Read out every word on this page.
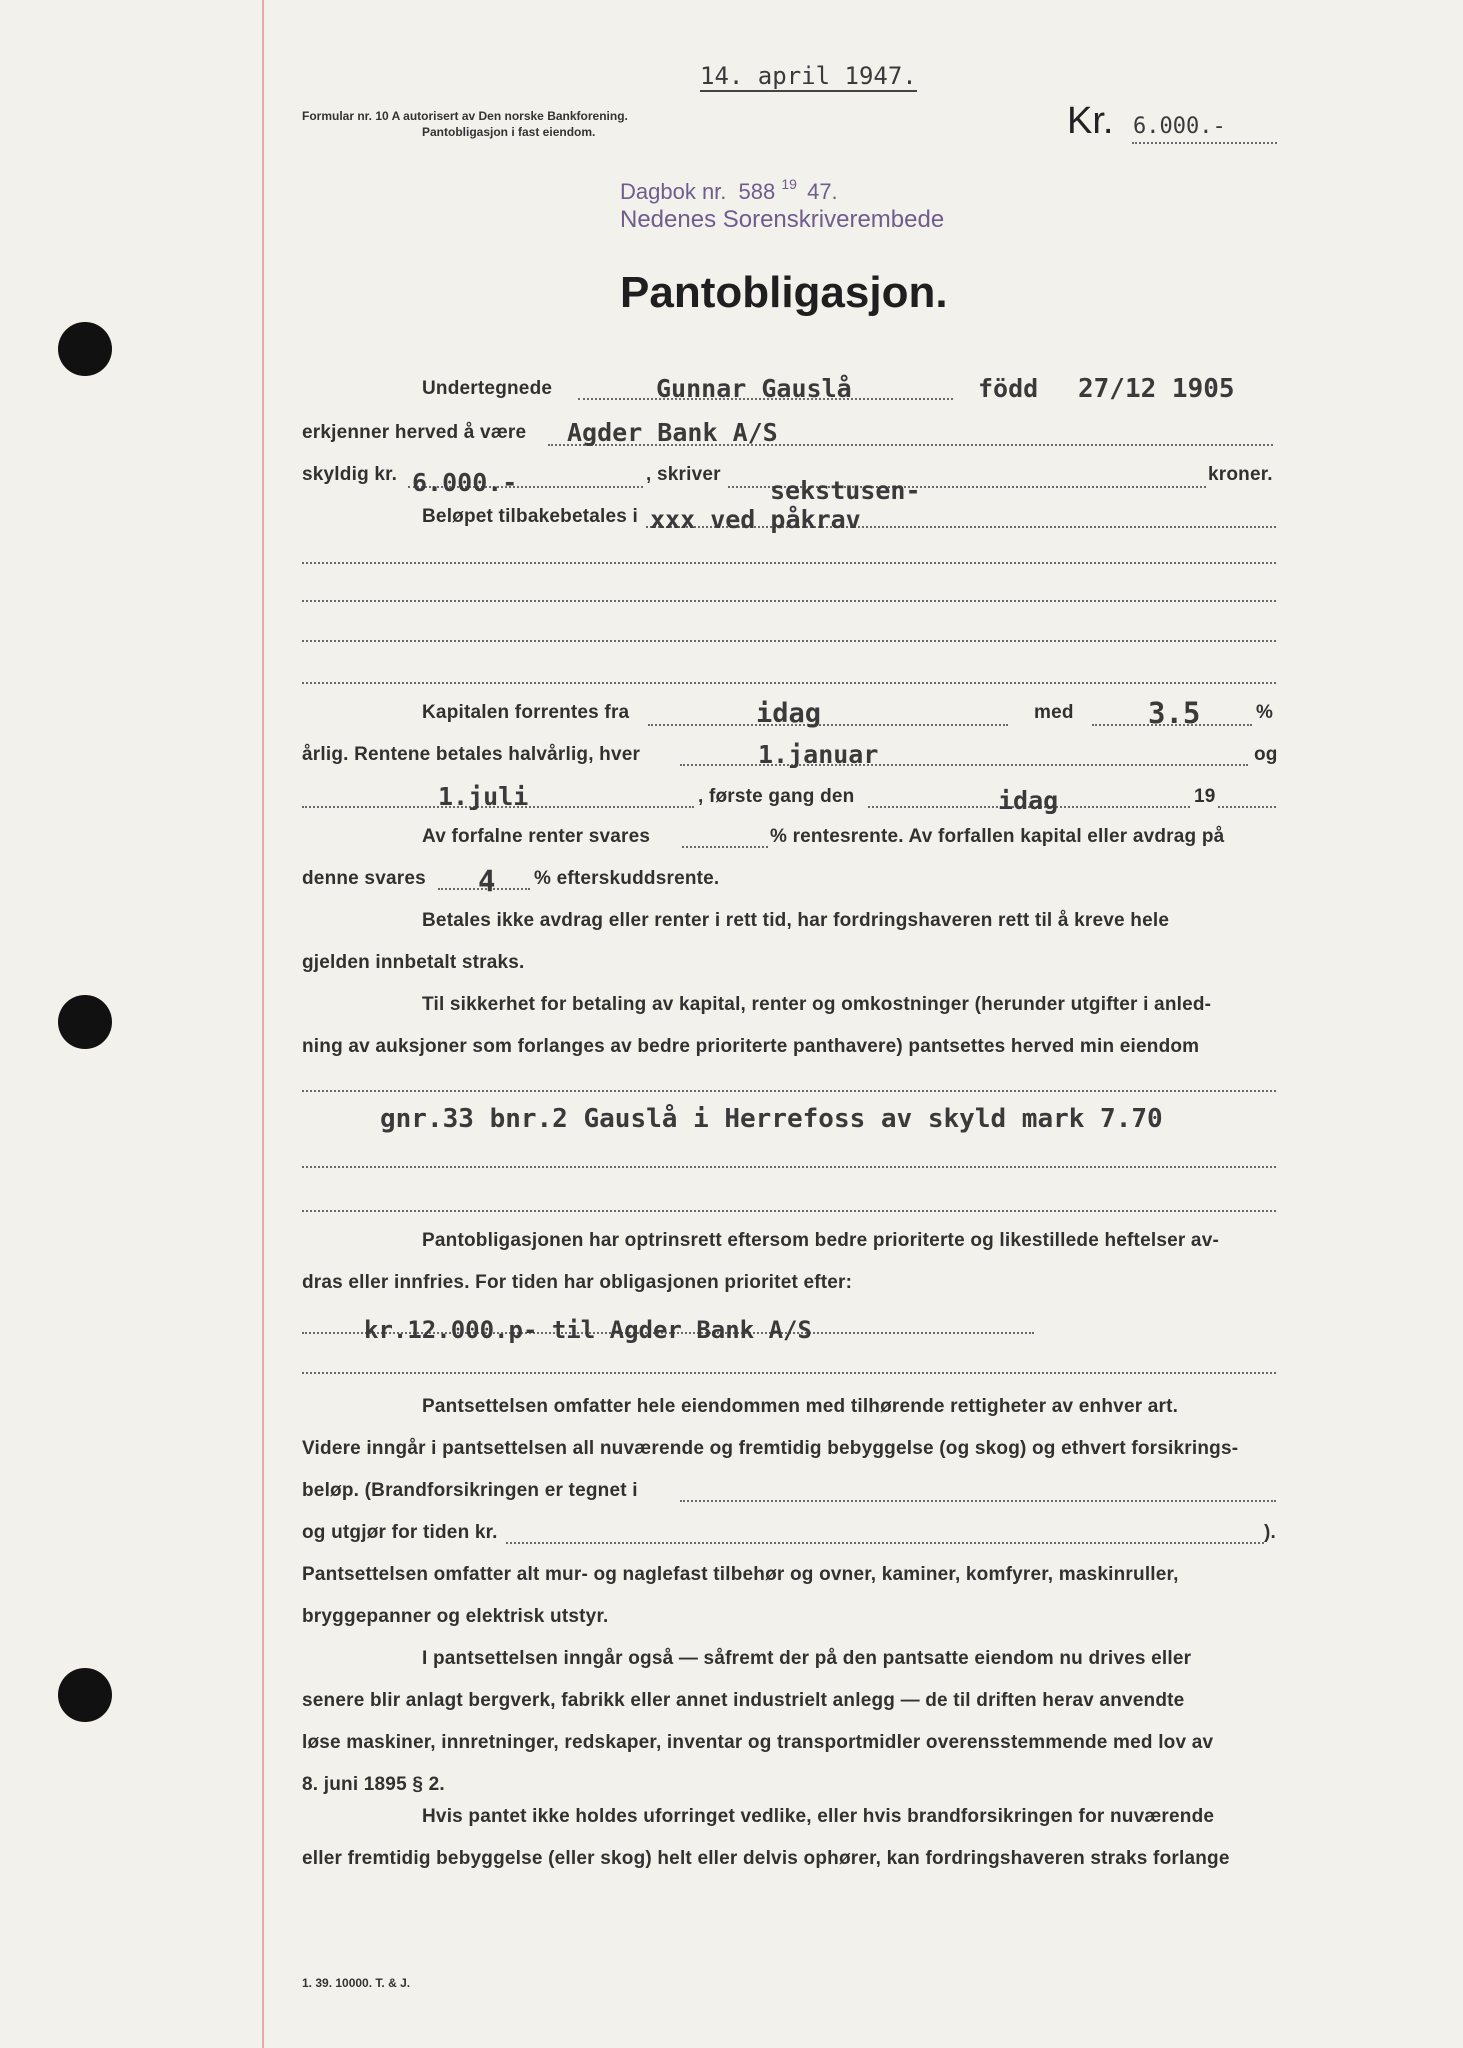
14. april 1947.
Formular nr. 10 A autorisert av Den norske Bankforening.
Pantobligasjon i fast eiendom.	Kr. 6.000.-
Dagbok nr. 588 $^{19}$ 47.
Nedenes Sorenskriverembede
Pantobligasjon.
Undertegnede	Gunnar Gauslå	född 27/12 1905
erkjenner herved å være Agder Bank A/S
skyldig kr. 6.000.-	, skriver
sekstusen-
kroner.
Beløpet tilbakebetales i xxx ved påkrav
Kapitalen forrentes fra	idag	med	3.5	%
årlig. Rentene betales halvårlig, hver	1.januar	og
1.juli	, første gang den	idag	19
Av forfalne renter svares	% rentesrente. Av forfallen kapital eller avdrag på
denne svares 4 % efterskuddsrente.
Betales ikke avdrag eller renter i rett tid, har fordringshaveren rett til å kreve hele
gjelden innbetalt straks.
Til sikkerhet for betaling av kapital, renter og omkostninger (herunder utgifter i anled-
ning av auksjoner som forlanges av bedre prioriterte panthavere) pantsettes herved min eiendom
gnr.33 bnr.2 Gauslå i Herrefoss av skyld mark 7.70
Pantobligasjonen har optrinsrett eftersom bedre prioriterte og likestillede heftelser av-
dras eller innfries. For tiden har obligasjonen prioritet efter:
kr.12.000.p- til Agder Bank A/S
Pantsettelsen omfatter hele eiendommen med tilhørende rettigheter av enhver art.
Videre inngår i pantsettelsen all nuværende og fremtidig bebyggelse (og skog) og ethvert forsikrings-
beløp. (Brandforsikringen er tegnet i
og utgjør for tiden kr.	).
Pantsettelsen omfatter alt mur- og naglefast tilbehør og ovner, kaminer, komfyrer, maskinruller,
bryggepanner og elektrisk utstyr.
I pantsettelsen inngår også — såfremt der på den pantsatte eiendom nu drives eller
senere blir anlagt bergverk, fabrikk eller annet industrielt anlegg — de til driften herav anvendte
løse maskiner, innretninger, redskaper, inventar og transportmidler overensstemmende med lov av
8. juni 1895 § 2.
Hvis pantet ikke holdes uforringet vedlike, eller hvis brandforsikringen for nuværende
eller fremtidig bebyggelse (eller skog) helt eller delvis ophører, kan fordringshaveren straks forlange
1. 39. 10000. T. & J.
